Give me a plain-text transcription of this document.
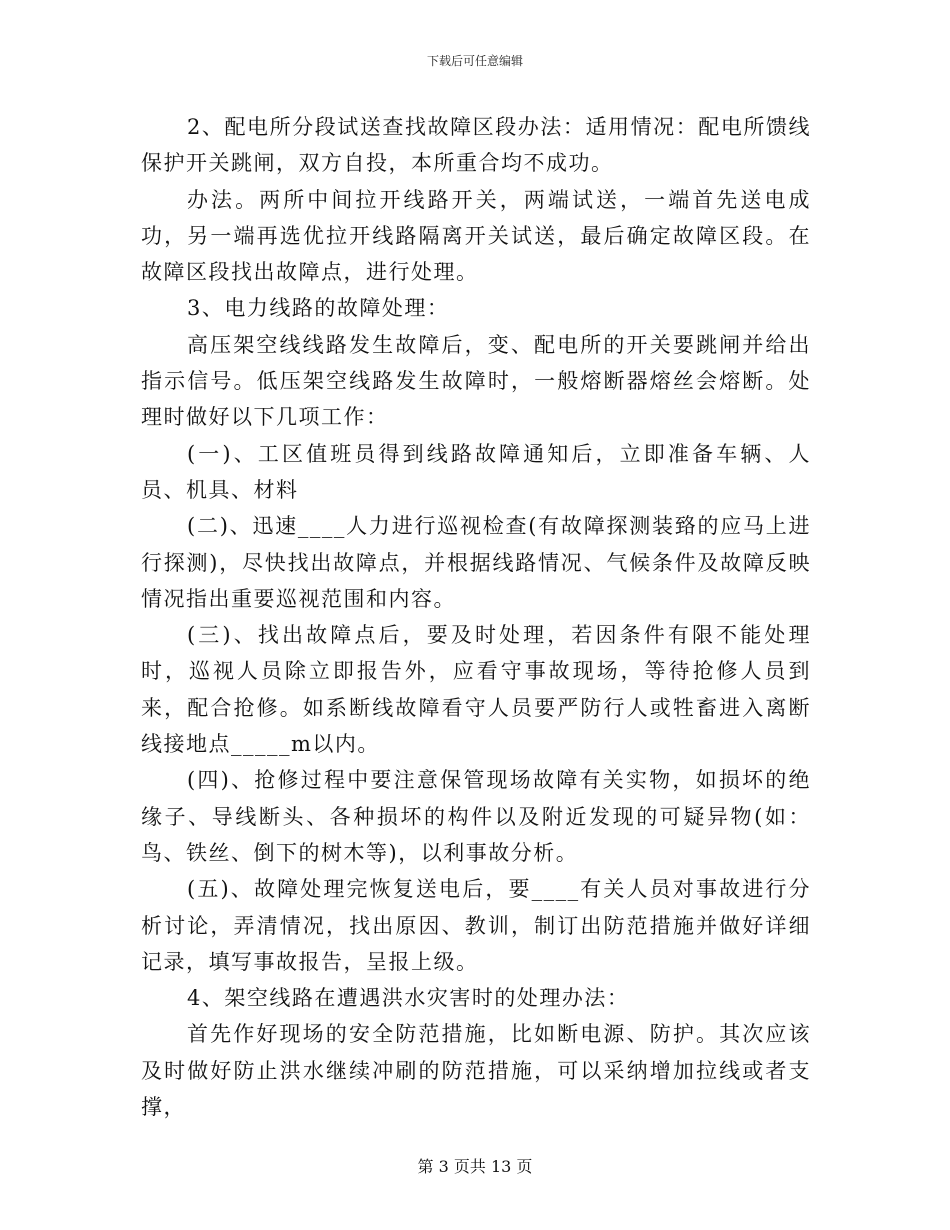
下载后可任意编辑

2、配电所分段试送查找故障区段办法：适用情况：配电所馈线保护开关跳闸，双方自投，本所重合均不成功。

办法。两所中间拉开线路开关，两端试送，一端首先送电成功，另一端再选优拉开线路隔离开关试送，最后确定故障区段。在故障区段找出故障点，进行处理。

3、电力线路的故障处理：

高压架空线线路发生故障后，变、配电所的开关要跳闸并给出指示信号。低压架空线路发生故障时，一般熔断器熔丝会熔断。处理时做好以下几项工作：

(一)、工区值班员得到线路故障通知后，立即准备车辆、人员、机具、材料

(二)、迅速____人力进行巡视检查(有故障探测装臵的应马上进行探测)，尽快找出故障点，并根据线路情况、气候条件及故障反映情况指出重要巡视范围和内容。

(三)、找出故障点后，要及时处理，若因条件有限不能处理时，巡视人员除立即报告外，应看守事故现场，等待抢修人员到来，配合抢修。如系断线故障看守人员要严防行人或牲畜进入离断线接地点_____m以内。

(四)、抢修过程中要注意保管现场故障有关实物，如损坏的绝缘子、导线断头、各种损坏的构件以及附近发现的可疑异物(如：鸟、铁丝、倒下的树木等)，以利事故分析。

(五)、故障处理完恢复送电后，要____有关人员对事故进行分析讨论，弄清情况，找出原因、教训，制订出防范措施并做好详细记录，填写事故报告，呈报上级。

4、架空线路在遭遇洪水灾害时的处理办法：

首先作好现场的安全防范措施，比如断电源、防护。其次应该及时做好防止洪水继续冲刷的防范措施，可以采纳增加拉线或者支撑，

第 3 页共 13 页
